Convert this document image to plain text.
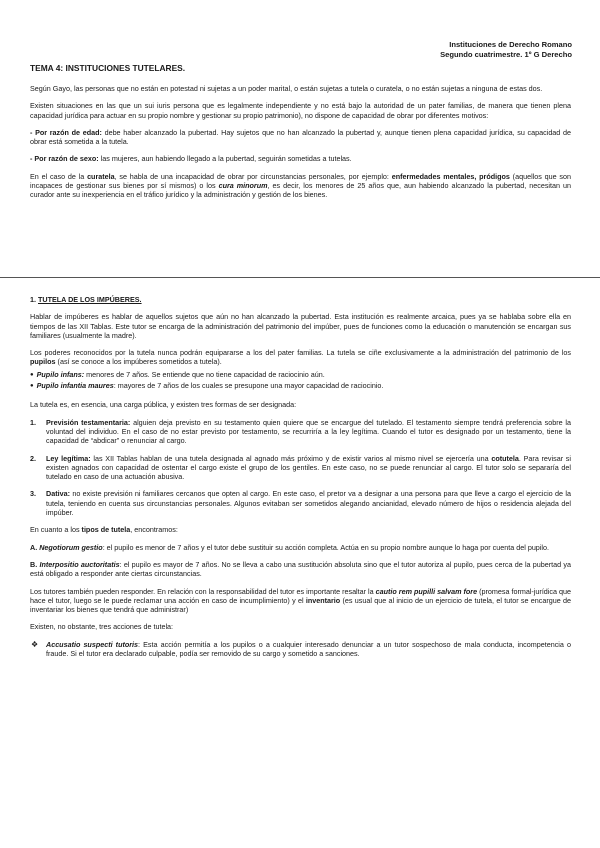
Instituciones de Derecho Romano
Segundo cuatrimestre. 1º G Derecho
TEMA 4: INSTITUCIONES TUTELARES.

Según Gayo, las personas que no están en potestad ni sujetas a un poder marital, o están sujetas a tutela o curatela, o no están sujetas a ninguna de estas dos.

Existen situaciones en las que un sui iuris persona que es legalmente independiente y no está bajo la autoridad de un pater familias, de manera que tienen plena capacidad jurídica para actuar en su propio nombre y gestionar su propio patrimonio), no dispone de capacidad de obrar por diferentes motivos:

- Por razón de edad: debe haber alcanzado la pubertad. Hay sujetos que no han alcanzado la pubertad y, aunque tienen plena capacidad jurídica, su capacidad de obrar está sometida a la tutela.

- Por razón de sexo: las mujeres, aun habiendo llegado a la pubertad, seguirán sometidas a tutelas.

En el caso de la curatela, se habla de una incapacidad de obrar por circunstancias personales, por ejemplo: enfermedades mentales, pródigos (aquellos que son incapaces de gestionar sus bienes por sí mismos) o los cura minorum, es decir, los menores de 25 años que, aun habiendo alcanzado la pubertad, necesitan un curador ante su inexperiencia en el tráfico jurídico y la administración y gestión de los bienes.

1. TUTELA DE LOS IMPÚBERES.

Hablar de impúberes es hablar de aquellos sujetos que aún no han alcanzado la pubertad. Esta institución es realmente arcaica, pues ya se hablaba sobre ella en tiempos de las XII Tablas. Este tutor se encarga de la administración del patrimonio del impúber, pues de funciones como la educación o manutención se encargan sus familiares (usualmente la madre).

Los poderes reconocidos por la tutela nunca podrán equipararse a los del pater familias. La tutela se ciñe exclusivamente a la administración del patrimonio de los pupilos (así se conoce a los impúberes sometidos a tutela).

● Pupilo infans: menores de 7 años. Se entiende que no tiene capacidad de raciocinio aún.
● Pupilo infantia maures: mayores de 7 años de los cuales se presupone una mayor capacidad de raciocinio.

La tutela es, en esencia, una carga pública, y existen tres formas de ser designada:

1. Previsión testamentaria: alguien deja previsto en su testamento quien quiere que se encargue del tutelado. El testamento siempre tendrá preferencia sobre la voluntad del individuo. En el caso de no estar previsto por testamento, se recurriría a la ley legítima. Cuando el tutor es designado por un testamento, tiene la capacidad de “abdicar” o renunciar al cargo.
2. Ley legítima: las XII Tablas hablan de una tutela designada al agnado más próximo y de existir varios al mismo nivel se ejercería una cotutela. Para revisar si existen agnados con capacidad de ostentar el cargo existe el grupo de los gentiles. En este caso, no se puede renunciar al cargo. El tutor solo se separaría del tutelado en caso de una actuación abusiva.
3. Dativa: no existe previsión ni familiares cercanos que opten al cargo. En este caso, el pretor va a designar a una persona para que lleve a cargo el ejercicio de la tutela, teniendo en cuenta sus circunstancias personales. Algunos evitaban ser sometidos alegando ancianidad, elevado número de hijos o residencia alejada del impúber.

En cuanto a los tipos de tutela, encontramos:

A. Negotiorum gestio: el pupilo es menor de 7 años y el tutor debe sustituir su acción completa. Actúa en su propio nombre aunque lo haga por cuenta del pupilo.

B. Interpositio auctoritatis: el pupilo es mayor de 7 años. No se lleva a cabo una sustitución absoluta sino que el tutor autoriza al pupilo, pues cerca de la pubertad ya está obligado a responder ante ciertas circunstancias.

Los tutores también pueden responder. En relación con la responsabilidad del tutor es importante resaltar la cautio rem pupilli salvam fore (promesa formal-jurídica que hace el tutor, luego se le puede reclamar una acción en caso de incumplimiento) y el inventario (es usual que al inicio de un ejercicio de tutela, el tutor se encargue de inventariar los bienes que tendrá que administrar)

Existen, no obstante, tres acciones de tutela:

❖ Accusatio suspecti tutoris: Esta acción permitía a los pupilos o a cualquier interesado denunciar a un tutor sospechoso de mala conducta, incompetencia o fraude. Si el tutor era declarado culpable, podía ser removido de su cargo y sometido a sanciones.
